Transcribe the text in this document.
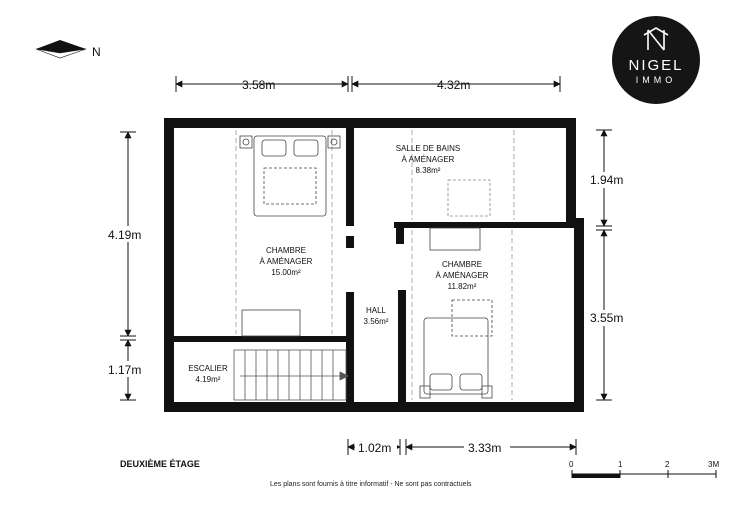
N
NIGEL
IMMO
3.58m	4.32m
4.19m
1.17m
1.94m
3.55m
1.02m	3.33m
CHAMBRE
À AMÉNAGER
15.00m²
SALLE DE BAINS
À AMÉNAGER
8.38m²
CHAMBRE
À AMÉNAGER
11.82m²
HALL
3.56m²
ESCALIER
4.19m²
DEUXIÈME ÉTAGE
Les plans sont fournis à titre informatif - Ne sont pas contractuels
0	1	2	3M
